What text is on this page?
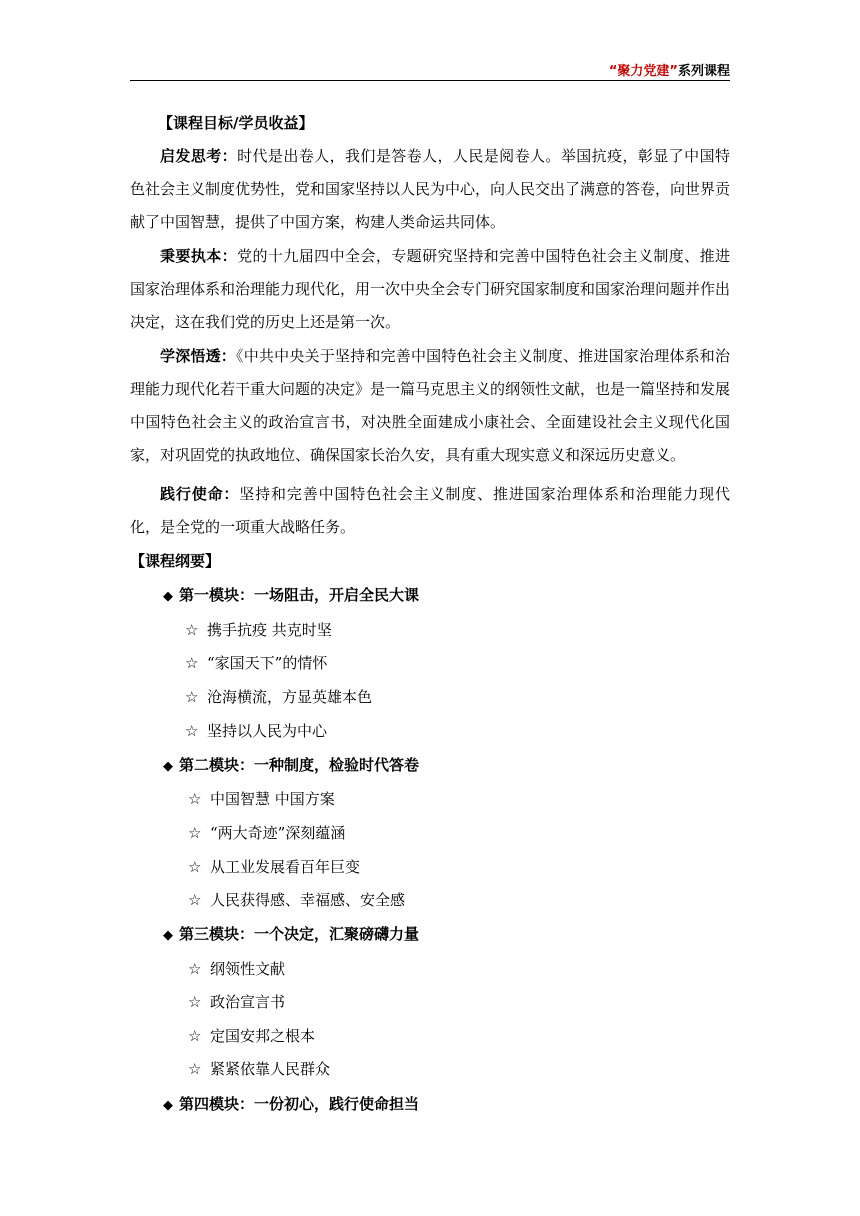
“聚力党建”系列课程
【课程目标/学员收益】
启发思考：时代是出卷人，我们是答卷人，人民是阅卷人。举国抗疫，彰显了中国特色社会主义制度优势性，党和国家坚持以人民为中心，向人民交出了满意的答卷，向世界贡献了中国智慧，提供了中国方案，构建人类命运共同体。
秉要执本：党的十九届四中全会，专题研究坚持和完善中国特色社会主义制度、推进国家治理体系和治理能力现代化，用一次中央全会专门研究国家制度和国家治理问题并作出决定，这在我们党的历史上还是第一次。
学深悟透：《中共中央关于坚持和完善中国特色社会主义制度、推进国家治理体系和治理能力现代化若干重大问题的决定》是一篇马克思主义的纲领性文献，也是一篇坚持和发展中国特色社会主义的政治宣言书，对决胜全面建成小康社会、全面建设社会主义现代化国家，对巩固党的执政地位、确保国家长治久安，具有重大现实意义和深远历史意义。
践行使命：坚持和完善中国特色社会主义制度、推进国家治理体系和治理能力现代化，是全党的一项重大战略任务。
【课程纲要】
◆ 第一模块：一场阻击，开启全民大课
☆ 携手抗疫 共克时坚
☆ “家国天下”的情怀
☆ 沧海横流，方显英雄本色
☆ 坚持以人民为中心
◆ 第二模块：一种制度，检验时代答卷
☆ 中国智慧 中国方案
☆ “两大奇迹”深刻蕴涵
☆ 从工业发展看百年巨变
☆ 人民获得感、幸福感、安全感
◆ 第三模块：一个决定，汇聚磅礴力量
☆ 纲领性文献
☆ 政治宣言书
☆ 定国安邦之根本
☆ 紧紧依靠人民群众
◆ 第四模块：一份初心，践行使命担当
